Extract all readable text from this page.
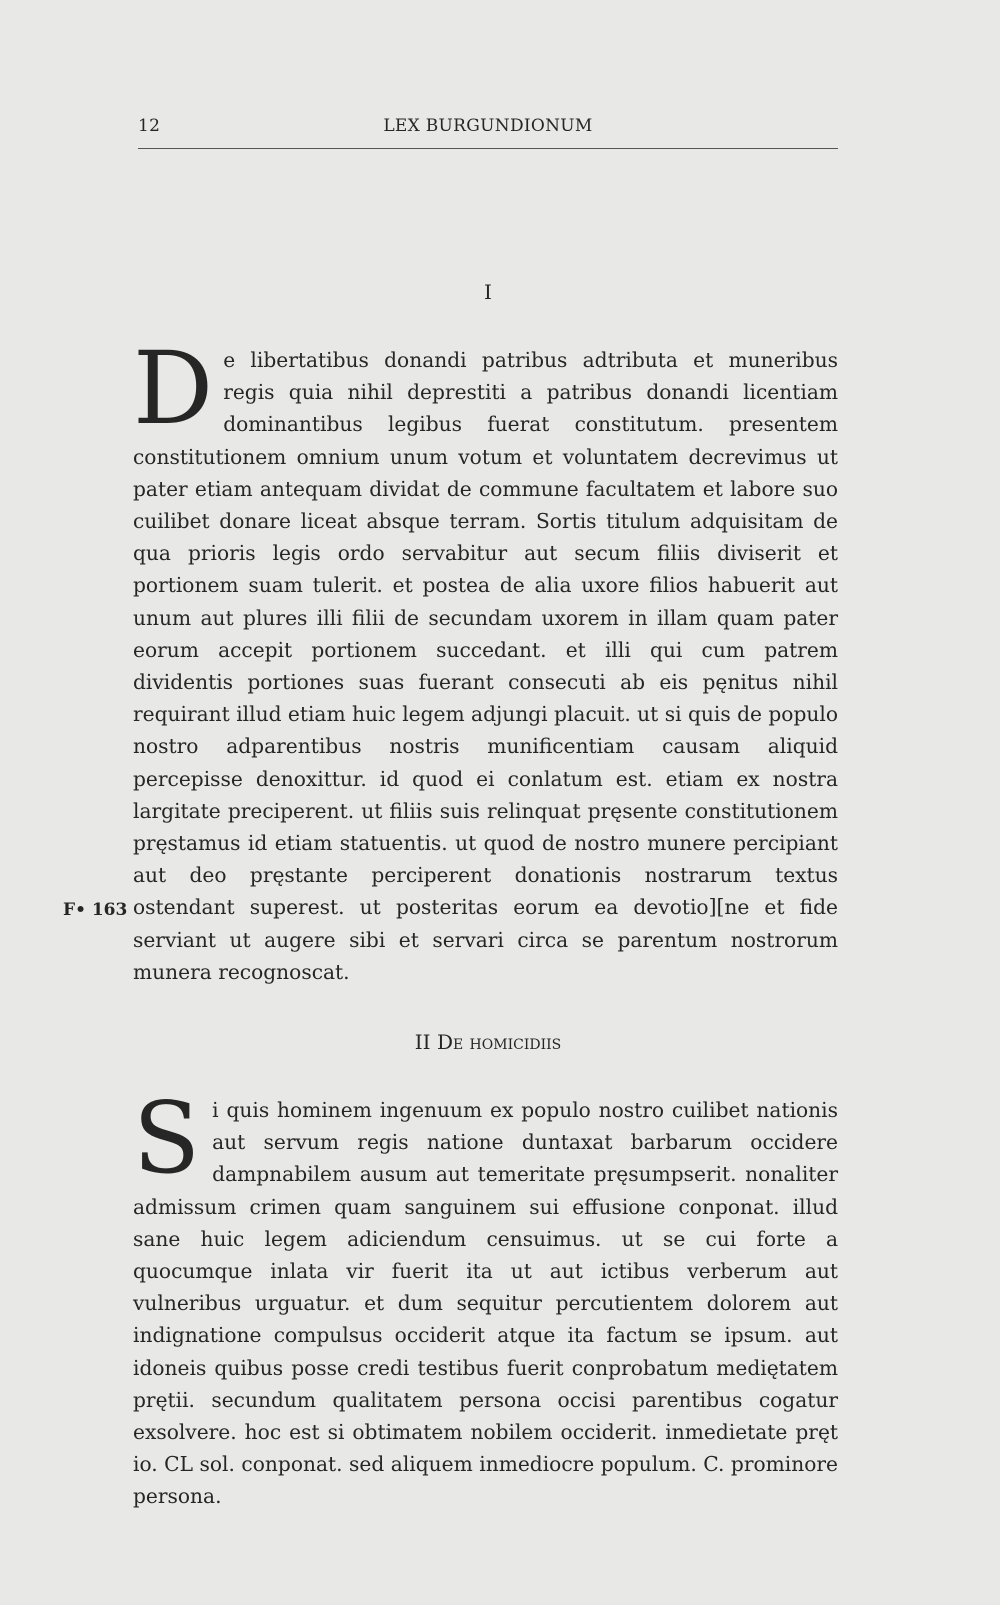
12	LEX BURGUNDIONUM
I
D e libertatibus donandi patribus adtributa et muneribus regis quia nihil deprestiti a patribus donandi licentiam dominantibus legibus fuerat constitutum. presentem constitutionem omnium unum votum et voluntatem decrevimus ut pater etiam antequam dividat de commune facultatem et labore suo cuilibet donare liceat absque terram. Sortis titulum adquisitam de qua prioris legis ordo servabitur aut secum filiis diviserit et portionem suam tulerit. et postea de alia uxore filios habuerit aut unum aut plures illi filii de secundam uxorem in illam quam pater eorum accepit portionem succedant. et illi qui cum patrem dividentis portiones suas fuerant consecuti ab eis pęnitus nihil requirant illud etiam huic legem adjungi placuit. ut si quis de populo nostro adparentibus nostris munificentiam causam aliquid percepisse denoxittur. id quod ei conlatum est. etiam ex nostra largitate preciperent. ut filiis suis relinquat pręsente constitutionem pręstamus id etiam statuentis. ut quod de nostro munere percipiant aut deo pręstante perciperent donationis nostrarum textus ostendant superest. ut posteritas eorum ea devotio][ne et fide serviant ut augere sibi et servari circa se parentum nostrorum munera recognoscat.
F• 163
II De homicidiis
S i quis hominem ingenuum ex populo nostro cuilibet nationis aut servum regis natione duntaxat barbarum occidere dampnabilem ausum aut temeritate pręsumpserit. nonaliter admissum crimen quam sanguinem sui effusione conponat. illud sane huic legem adiciendum censuimus. ut se cui forte a quocumque inlata vir fuerit ita ut aut ictibus verberum aut vulneribus urguatur. et dum sequitur percutientem dolorem aut indignatione compulsus occiderit atque ita factum se ipsum. aut idoneis quibus posse credi testibus fuerit conprobatum mediętatem prętii. secundum qualitatem persona occisi parentibus cogatur exsolvere. hoc est si obtimatem nobilem occiderit. inmedietate pręt io. CL sol. conponat. sed aliquem inmediocre populum. C. prominore persona.
